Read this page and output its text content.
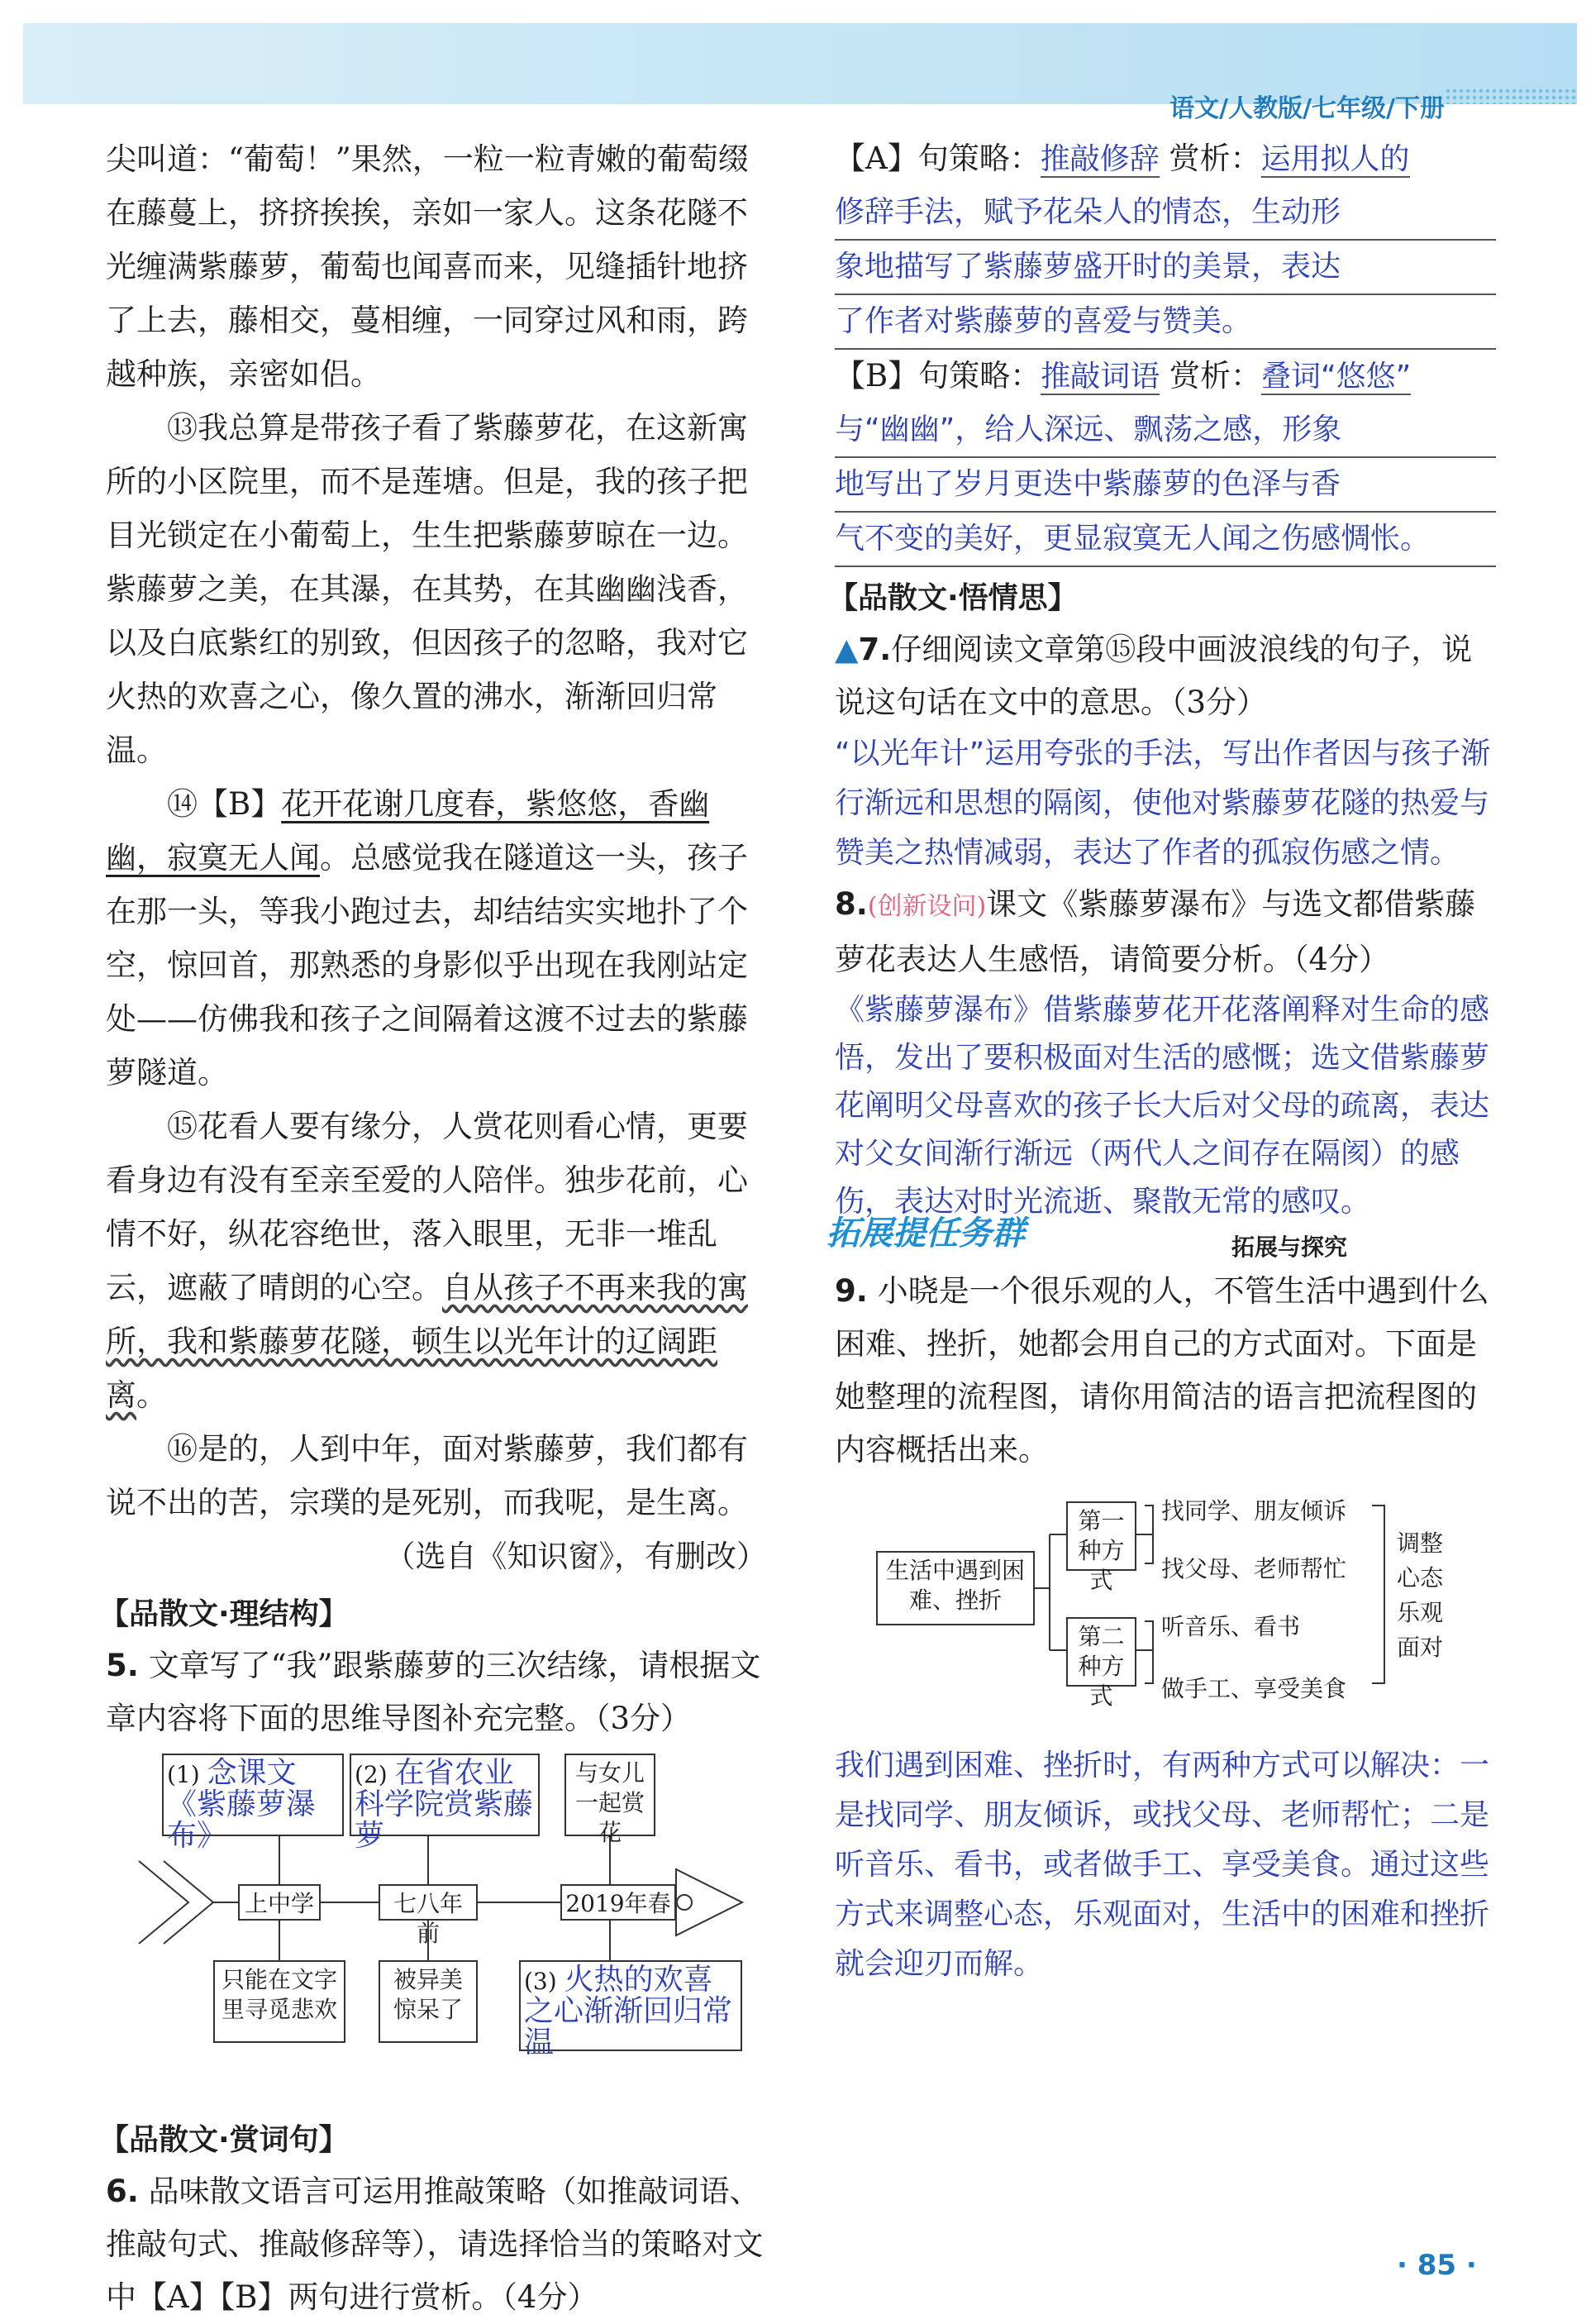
语文/人教版/七年级/下册

尖叫道：“葡萄！”果然，一粒一粒青嫩的葡萄缀在藤蔓上，挤挤挨挨，亲如一家人。这条花隧不光缠满紫藤萝，葡萄也闻喜而来，见缝插针地挤了上去，藤相交，蔓相缠，一同穿过风和雨，跨越种族，亲密如侣。

⑬我总算是带孩子看了紫藤萝花，在这新寓所的小区院里，而不是莲塘。但是，我的孩子把目光锁定在小葡萄上，生生把紫藤萝晾在一边。紫藤萝之美，在其瀑，在其势，在其幽幽浅香，以及白底紫红的别致，但因孩子的忽略，我对它火热的欢喜之心，像久置的沸水，渐渐回归常温。

⑭【B】花开花谢几度春，紫悠悠，香幽幽，寂寞无人闻。总感觉我在隧道这一头，孩子在那一头，等我小跑过去，却结结实实地扑了个空，惊回首，那熟悉的身影似乎出现在我刚站定处——仿佛我和孩子之间隔着这渡不过去的紫藤萝隧道。

⑮花看人要有缘分，人赏花则看心情，更要看身边有没有至亲至爱的人陪伴。独步花前，心情不好，纵花容绝世，落入眼里，无非一堆乱云，遮蔽了晴朗的心空。自从孩子不再来我的寓所，我和紫藤萝花隧，顿生以光年计的辽阔距离。

⑯是的，人到中年，面对紫藤萝，我们都有说不出的苦，宗璞的是死别，而我呢，是生离。

（选自《知识窗》，有删改）

【品散文·理结构】

5. 文章写了“我”跟紫藤萝的三次结缘，请根据文章内容将下面的思维导图补充完整。（3分）

(1) 念课文《紫藤萝瀑布》
(2) 在省农业科学院赏紫藤萝
与女儿一起赏花
上中学	七八年前
2019年春
只能在文字里寻觅悲欢
被异美惊呆了
(3) 火热的欢喜之心渐渐回归常温
【品散文·赏词句】

6. 品味散文语言可运用推敲策略（如推敲词语、推敲句式、推敲修辞等），请选择恰当的策略对文中【A】【B】两句进行赏析。（4分）

【A】句策略：推敲修辞 赏析：运用拟人的
修辞手法，赋予花朵人的情态，生动形
象地描写了紫藤萝盛开时的美景，表达
了作者对紫藤萝的喜爱与赞美。
【B】句策略：推敲词语 赏析：叠词“悠悠”
与“幽幽”，给人深远、飘荡之感，形象
地写出了岁月更迭中紫藤萝的色泽与香
气不变的美好，更显寂寞无人闻之伤感惆怅。
【品散文·悟情思】

▲7.仔细阅读文章第⑮段中画波浪线的句子，说说这句话在文中的意思。（3分）

“以光年计”运用夸张的手法，写出作者因与孩子渐行渐远和思想的隔阂，使他对紫藤萝花隧的热爱与赞美之热情减弱，表达了作者的孤寂伤感之情。

8.(创新设问)课文《紫藤萝瀑布》与选文都借紫藤萝花表达人生感悟，请简要分析。（4分）

《紫藤萝瀑布》借紫藤萝花开花落阐释对生命的感悟，发出了要积极面对生活的感慨；选文借紫藤萝花阐明父母喜欢的孩子长大后对父母的疏离，表达对父女间渐行渐远（两代人之间存在隔阂）的感伤，表达对时光流逝、聚散无常的感叹。

拓展提任务群	拓展与探究

9. 小晓是一个很乐观的人，不管生活中遇到什么困难、挫折，她都会用自己的方式面对。下面是她整理的流程图，请你用简洁的语言把流程图的内容概括出来。

生活中遇到困难、挫折
第一种方式
第二种方式
找同学、朋友倾诉
找父母、老师帮忙
听音乐、看书
做手工、享受美食
调整心态乐观面对

我们遇到困难、挫折时，有两种方式可以解决：一是找同学、朋友倾诉，或找父母、老师帮忙；二是听音乐、看书，或者做手工、享受美食。通过这些方式来调整心态，乐观面对，生活中的困难和挫折就会迎刃而解。

· 85 ·
